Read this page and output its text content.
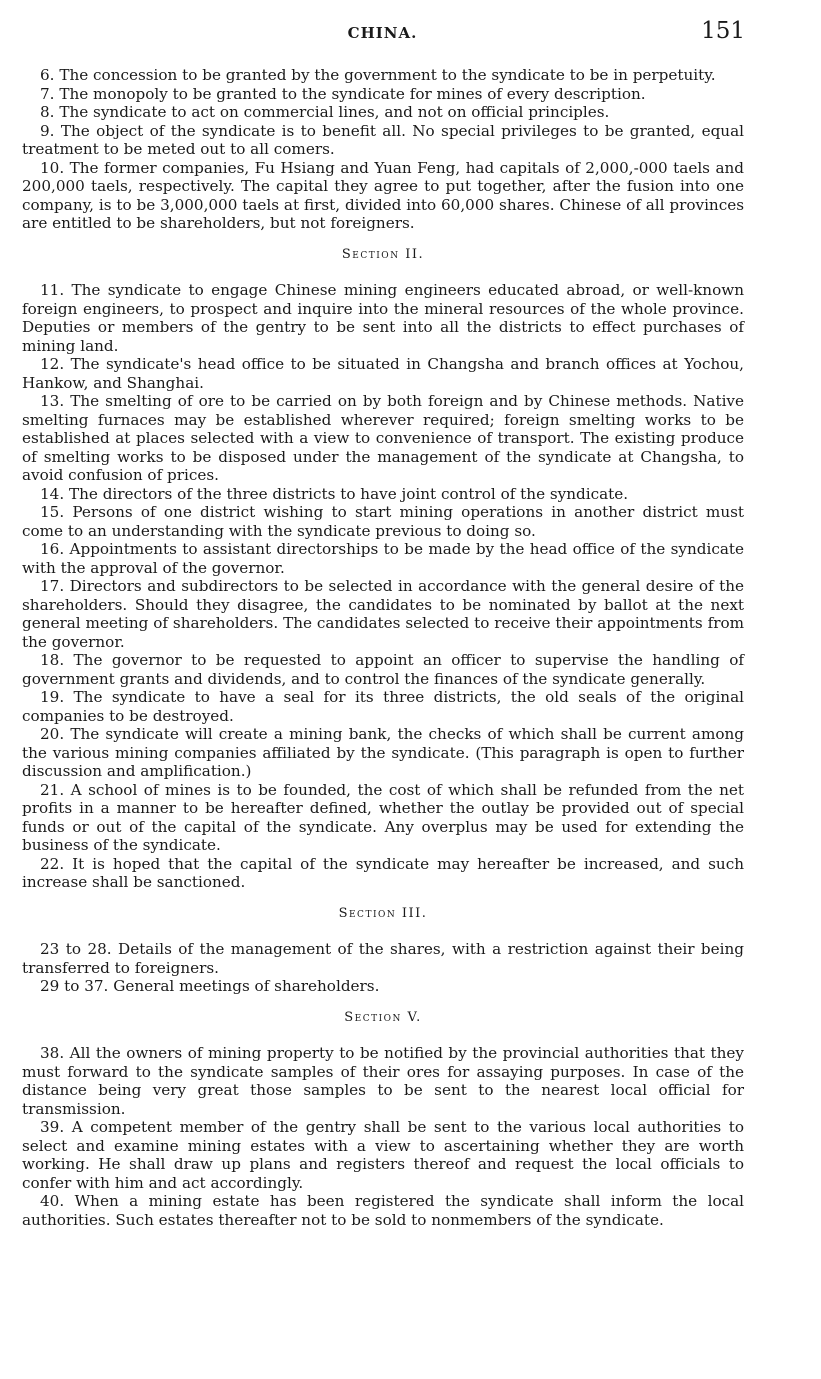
CHINA.	151

6. The concession to be granted by the government to the syndicate to be in perpetuity.

7. The monopoly to be granted to the syndicate for mines of every description.

8. The syndicate to act on commercial lines, and not on official principles.

9. The object of the syndicate is to benefit all. No special privileges to be granted, equal treatment to be meted out to all comers.

10. The former companies, Fu Hsiang and Yuan Feng, had capitals of 2,000,-000 taels and 200,000 taels, respectively. The capital they agree to put together, after the fusion into one company, is to be 3,000,000 taels at first, divided into 60,000 shares. Chinese of all provinces are entitled to be shareholders, but not foreigners.

Section II.

11. The syndicate to engage Chinese mining engineers educated abroad, or well-known foreign engineers, to prospect and inquire into the mineral resources of the whole province. Deputies or members of the gentry to be sent into all the districts to effect purchases of mining land.

12. The syndicate's head office to be situated in Changsha and branch offices at Yochou, Hankow, and Shanghai.

13. The smelting of ore to be carried on by both foreign and by Chinese methods. Native smelting furnaces may be established wherever required; foreign smelting works to be established at places selected with a view to convenience of transport. The existing produce of smelting works to be disposed under the management of the syndicate at Changsha, to avoid confusion of prices.

14. The directors of the three districts to have joint control of the syndicate.

15. Persons of one district wishing to start mining operations in another district must come to an understanding with the syndicate previous to doing so.

16. Appointments to assistant directorships to be made by the head office of the syndicate with the approval of the governor.

17. Directors and subdirectors to be selected in accordance with the general desire of the shareholders. Should they disagree, the candidates to be nominated by ballot at the next general meeting of shareholders. The candidates selected to receive their appointments from the governor.

18. The governor to be requested to appoint an officer to supervise the handling of government grants and dividends, and to control the finances of the syndicate generally.

19. The syndicate to have a seal for its three districts, the old seals of the original companies to be destroyed.

20. The syndicate will create a mining bank, the checks of which shall be current among the various mining companies affiliated by the syndicate. (This paragraph is open to further discussion and amplification.)

21. A school of mines is to be founded, the cost of which shall be refunded from the net profits in a manner to be hereafter defined, whether the outlay be provided out of special funds or out of the capital of the syndicate. Any overplus may be used for extending the business of the syndicate.

22. It is hoped that the capital of the syndicate may hereafter be increased, and such increase shall be sanctioned.

Section III.

23 to 28. Details of the management of the shares, with a restriction against their being transferred to foreigners.

29 to 37. General meetings of shareholders.

Section V.

38. All the owners of mining property to be notified by the provincial authorities that they must forward to the syndicate samples of their ores for assaying purposes. In case of the distance being very great those samples to be sent to the nearest local official for transmission.

39. A competent member of the gentry shall be sent to the various local authorities to select and examine mining estates with a view to ascertaining whether they are worth working. He shall draw up plans and registers thereof and request the local officials to confer with him and act accordingly.

40. When a mining estate has been registered the syndicate shall inform the local authorities. Such estates thereafter not to be sold to nonmembers of the syndicate.
